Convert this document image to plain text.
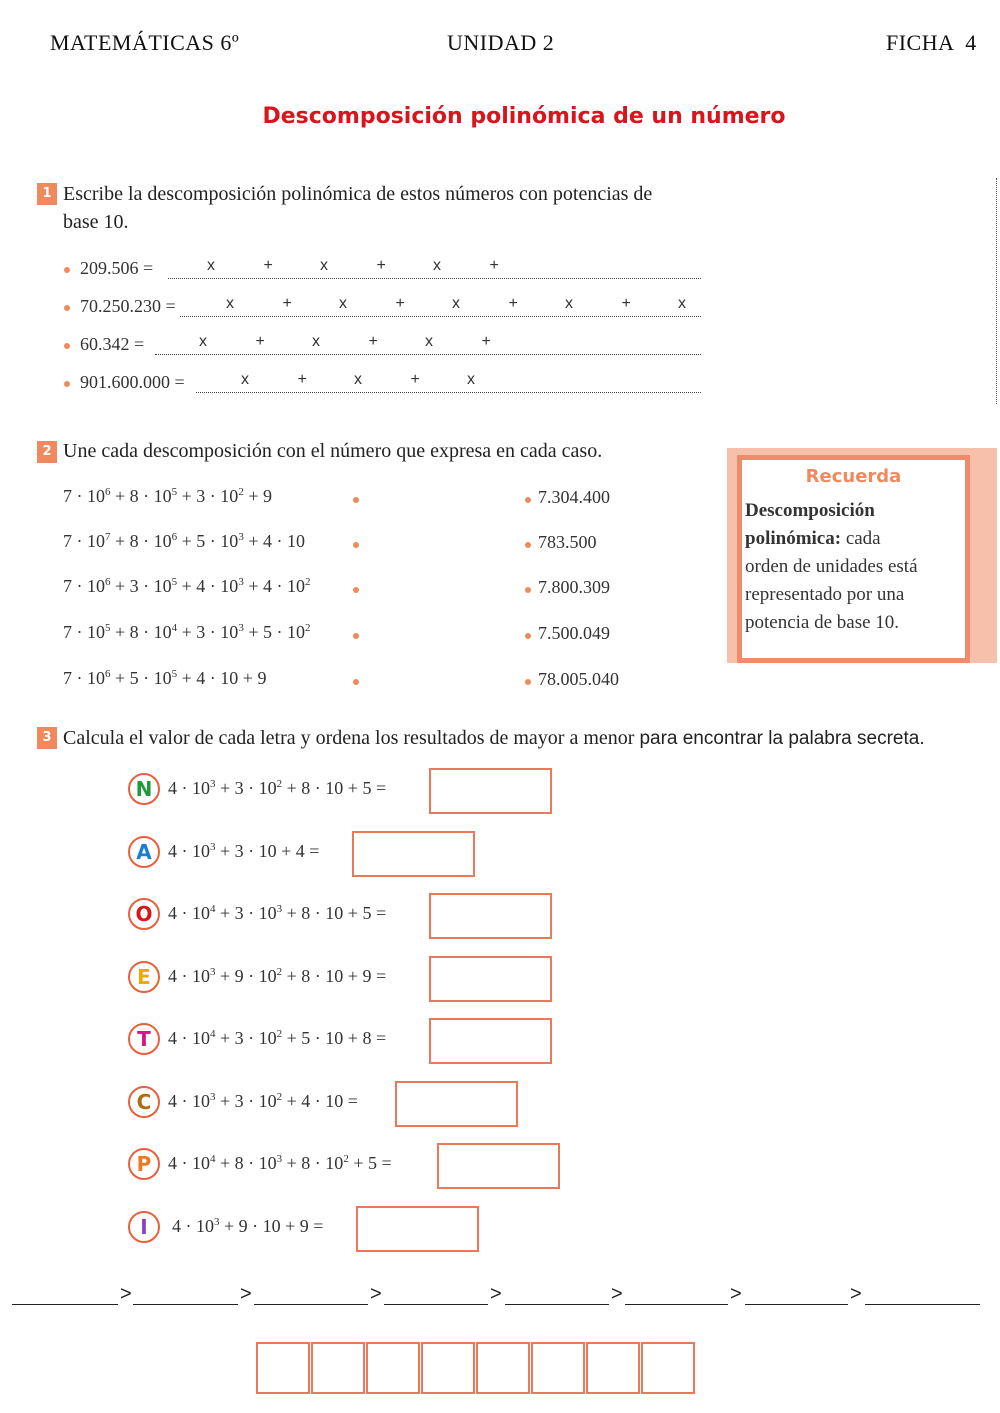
MATEMÁTICAS 6º	UNIDAD 2	FICHA  4
Descomposición polinómica de un número
1 Escribe la descomposición polinómica de estos números con potencias de
base 10.
209.506 =	x	+	x	+	x	+
70.250.230 =	x	+	x	+	x	+	x	+	x
60.342 =	x	+	x	+	x	+
901.600.000 =	x	+	x	+	x
2 Une cada descomposición con el número que expresa en cada caso.
$7 \cdot 10^6 + 8 \cdot 10^5 + 3 \cdot 10^2 + 9$	7.304.400
$7 \cdot 10^7 + 8 \cdot 10^6 + 5 \cdot 10^3 + 4 \cdot 10$	783.500
$7 \cdot 10^6 + 3 \cdot 10^5 + 4 \cdot 10^3 + 4 \cdot 10^2$	7.800.309
$7 \cdot 10^5 + 8 \cdot 10^4 + 3 \cdot 10^3 + 5 \cdot 10^2$	7.500.049
$7 \cdot 10^6 + 5 \cdot 10^5 + 4 \cdot 10 + 9$	78.005.040
Recuerda
Descomposición
polinómica: cada
orden de unidades está
representado por una
potencia de base 10.
3 Calcula el valor de cada letra y ordena los resultados de mayor a menor para encontrar la palabra secreta.
N $4 \cdot 10^3 + 3 \cdot 10^2 + 8 \cdot 10 + 5$ =
A $4 \cdot 10^3 + 3 \cdot 10 + 4$ =
O $4 \cdot 10^4 + 3 \cdot 10^3 + 8 \cdot 10 + 5$ =
E $4 \cdot 10^3 + 9 \cdot 10^2 + 8 \cdot 10 + 9$ =
T $4 \cdot 10^4 + 3 \cdot 10^2 + 5 \cdot 10 + 8$ =
C $4 \cdot 10^3 + 3 \cdot 10^2 + 4 \cdot 10$ =
P $4 \cdot 10^4 + 8 \cdot 10^3 + 8 \cdot 10^2 + 5$ =
I	$4 \cdot 10^3 + 9 \cdot 10 + 9$ =
>	>	>	>	>	>	>
